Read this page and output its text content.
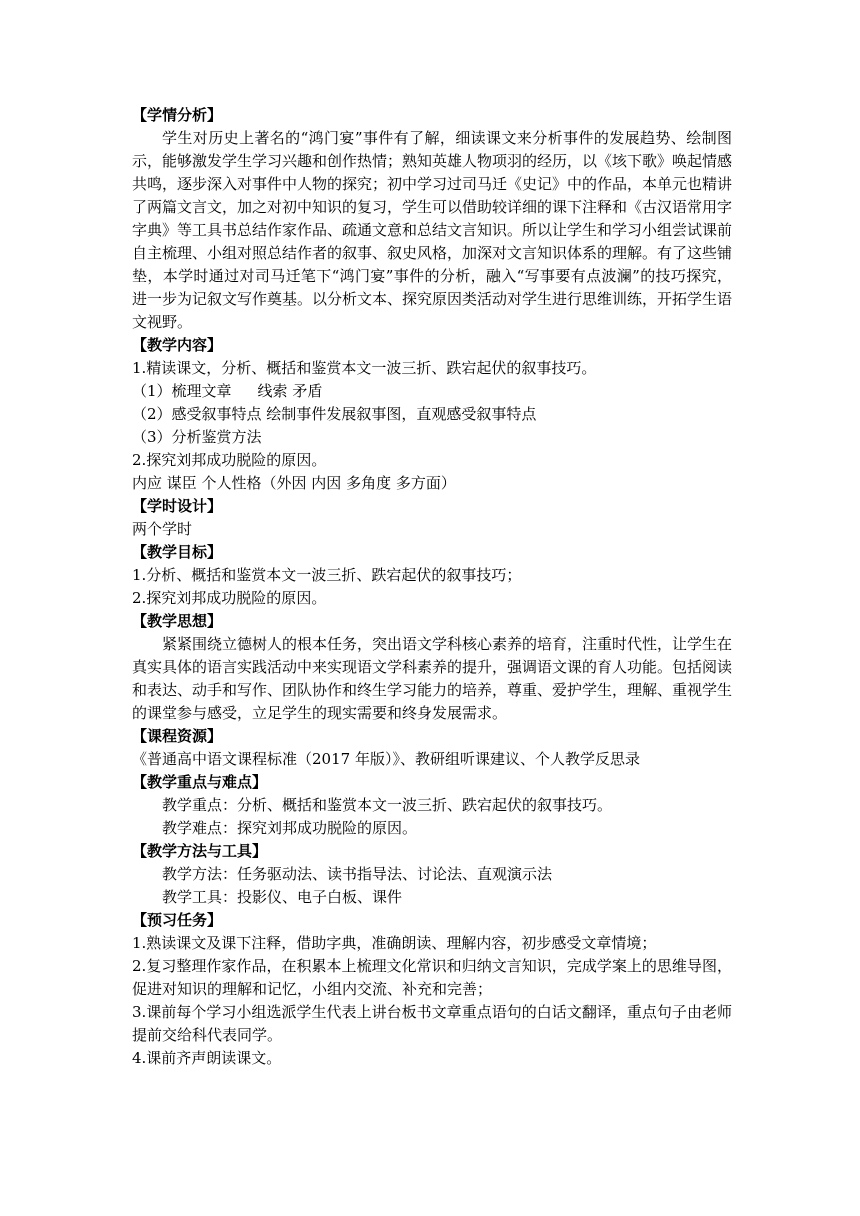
【学情分析】

学生对历史上著名的“鸿门宴”事件有了解，细读课文来分析事件的发展趋势、绘制图示，能够激发学生学习兴趣和创作热情；熟知英雄人物项羽的经历，以《垓下歌》唤起情感共鸣，逐步深入对事件中人物的探究；初中学习过司马迁《史记》中的作品，本单元也精讲了两篇文言文，加之对初中知识的复习，学生可以借助较详细的课下注释和《古汉语常用字字典》等工具书总结作家作品、疏通文意和总结文言知识。所以让学生和学习小组尝试课前自主梳理、小组对照总结作者的叙事、叙史风格，加深对文言知识体系的理解。有了这些铺垫，本学时通过对司马迁笔下“鸿门宴”事件的分析，融入“写事要有点波澜”的技巧探究，进一步为记叙文写作奠基。以分析文本、探究原因类活动对学生进行思维训练，开拓学生语文视野。

【教学内容】

1.精读课文，分析、概括和鉴赏本文一波三折、跌宕起伏的叙事技巧。

（1）梳理文章 线索 矛盾

（2）感受叙事特点 绘制事件发展叙事图，直观感受叙事特点

（3）分析鉴赏方法

2.探究刘邦成功脱险的原因。

内应 谋臣 个人性格（外因 内因 多角度 多方面）

【学时设计】

两个学时

【教学目标】

1.分析、概括和鉴赏本文一波三折、跌宕起伏的叙事技巧；

2.探究刘邦成功脱险的原因。

【教学思想】

紧紧围绕立德树人的根本任务，突出语文学科核心素养的培育，注重时代性，让学生在真实具体的语言实践活动中来实现语文学科素养的提升，强调语文课的育人功能。包括阅读和表达、动手和写作、团队协作和终生学习能力的培养，尊重、爱护学生，理解、重视学生的课堂参与感受，立足学生的现实需要和终身发展需求。

【课程资源】

《普通高中语文课程标准（2017 年版）》、教研组听课建议、个人教学反思录

【教学重点与难点】

教学重点：分析、概括和鉴赏本文一波三折、跌宕起伏的叙事技巧。

教学难点：探究刘邦成功脱险的原因。

【教学方法与工具】

教学方法：任务驱动法、读书指导法、讨论法、直观演示法

教学工具：投影仪、电子白板、课件

【预习任务】

1.熟读课文及课下注释，借助字典，准确朗读、理解内容，初步感受文章情境；

2.复习整理作家作品，在积累本上梳理文化常识和归纳文言知识，完成学案上的思维导图，促进对知识的理解和记忆，小组内交流、补充和完善；

3.课前每个学习小组选派学生代表上讲台板书文章重点语句的白话文翻译，重点句子由老师提前交给科代表同学。

4.课前齐声朗读课文。
